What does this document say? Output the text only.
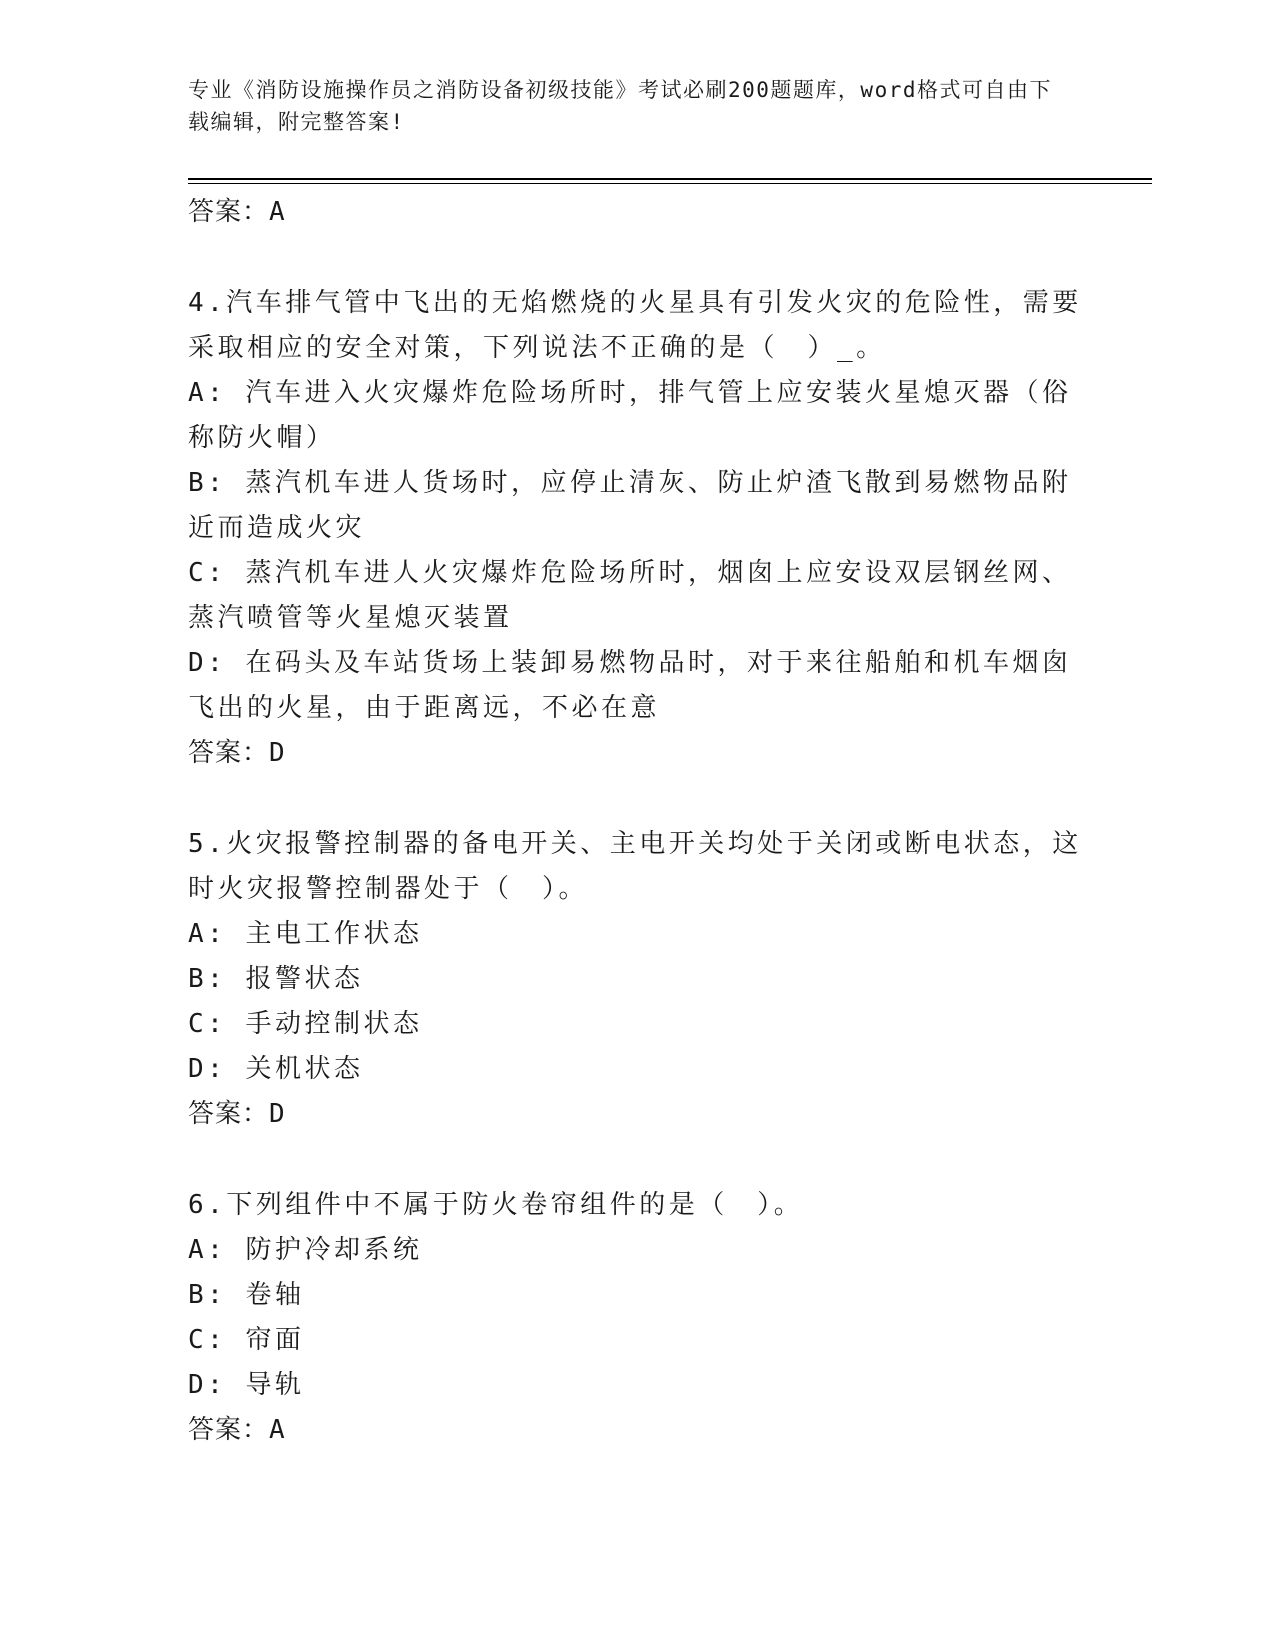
专业《消防设施操作员之消防设备初级技能》考试必刷200题题库，word格式可自由下载编辑，附完整答案!
答案：A

4.汽车排气管中飞出的无焰燃烧的火星具有引发火灾的危险性，需要采取相应的安全对策，下列说法不正确的是（　）_。

A: 汽车进入火灾爆炸危险场所时，排气管上应安装火星熄灭器（俗称防火帽）

B: 蒸汽机车进人货场时，应停止清灰、防止炉渣飞散到易燃物品附近而造成火灾

C: 蒸汽机车进人火灾爆炸危险场所时，烟囱上应安设双层钢丝网、蒸汽喷管等火星熄灭装置

D: 在码头及车站货场上装卸易燃物品时，对于来往船舶和机车烟囱飞出的火星，由于距离远，不必在意

答案：D

5.火灾报警控制器的备电开关、主电开关均处于关闭或断电状态，这时火灾报警控制器处于（　）。

A: 主电工作状态

B: 报警状态

C: 手动控制状态

D: 关机状态

答案：D

6.下列组件中不属于防火卷帘组件的是（　）。

A: 防护冷却系统

B: 卷轴

C: 帘面

D: 导轨

答案：A
